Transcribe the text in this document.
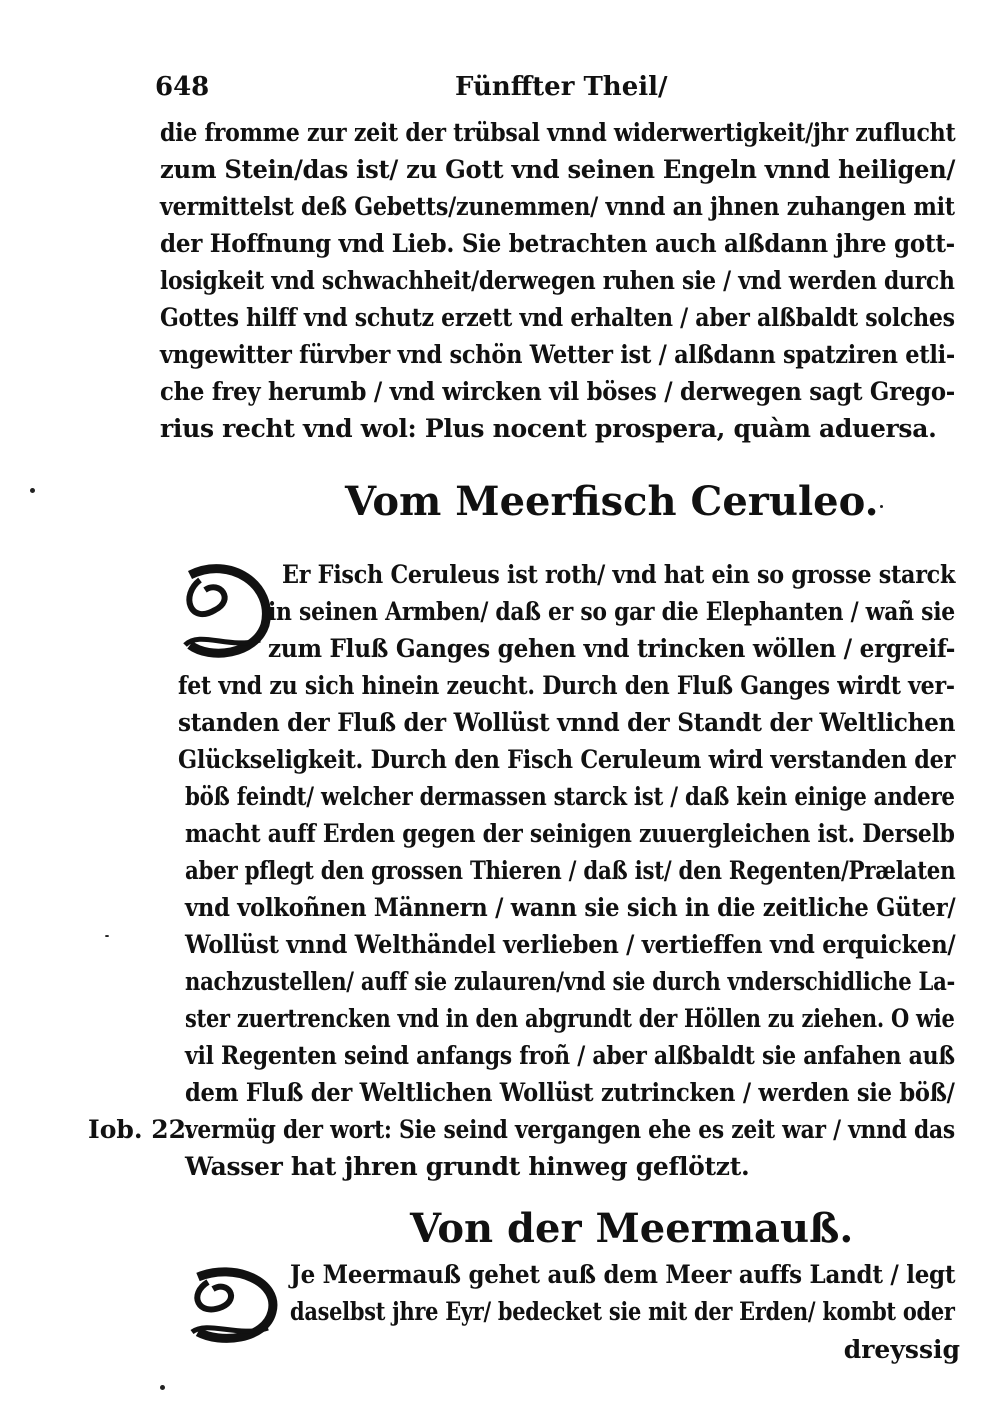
648	Fünffter Theil/
die fromme zur zeit der trübsal vnnd widerwertigkeit/jhr zuflucht
zum Stein/das ist/ zu Gott vnd seinen Engeln vnnd heiligen/
vermittelst deß Gebetts/zunemmen/ vnnd an jhnen zuhangen mit
der Hoffnung vnd Lieb. Sie betrachten auch alßdann jhre gott-
losigkeit vnd schwachheit/derwegen ruhen sie / vnd werden durch
Gottes hilff vnd schutz erzett vnd erhalten / aber alßbaldt solches
vngewitter fürvber vnd schön Wetter ist / alßdann spatziren etli-
che frey herumb / vnd wircken vil böses / derwegen sagt Grego-
rius recht vnd wol: Plus nocent prospera, quàm aduersa.
Vom Meerfisch Ceruleo.
Er Fisch Ceruleus ist roth/ vnd hat ein so grosse starck
in seinen Armben/ daß er so gar die Elephanten / wañ sie
zum Fluß Ganges gehen vnd trincken wöllen / ergreif-
fet vnd zu sich hinein zeucht. Durch den Fluß Ganges wirdt ver-
standen der Fluß der Wollüst vnnd der Standt der Weltlichen
Glückseligkeit. Durch den Fisch Ceruleum wird verstanden der
böß feindt/ welcher dermassen starck ist / daß kein einige andere
macht auff Erden gegen der seinigen zuuergleichen ist. Derselb
aber pflegt den grossen Thieren / daß ist/ den Regenten/Prælaten
vnd volkoñnen Männern / wann sie sich in die zeitliche Güter/
Wollüst vnnd Welthändel verlieben / vertieffen vnd erquicken/
nachzustellen/ auff sie zulauren/vnd sie durch vnderschidliche La-
ster zuertrencken vnd in den abgrundt der Höllen zu ziehen. O wie
vil Regenten seind anfangs froñ / aber alßbaldt sie anfahen auß
dem Fluß der Weltlichen Wollüst zutrincken / werden sie böß/
vermüg der wort: Sie seind vergangen ehe es zeit war / vnnd das
Wasser hat jhren grundt hinweg geflötzt.
Iob. 22.
Von der Meermauß.
Je Meermauß gehet auß dem Meer auffs Landt / legt
daselbst jhre Eyr/ bedecket sie mit der Erden/ kombt oder
dreyssig
